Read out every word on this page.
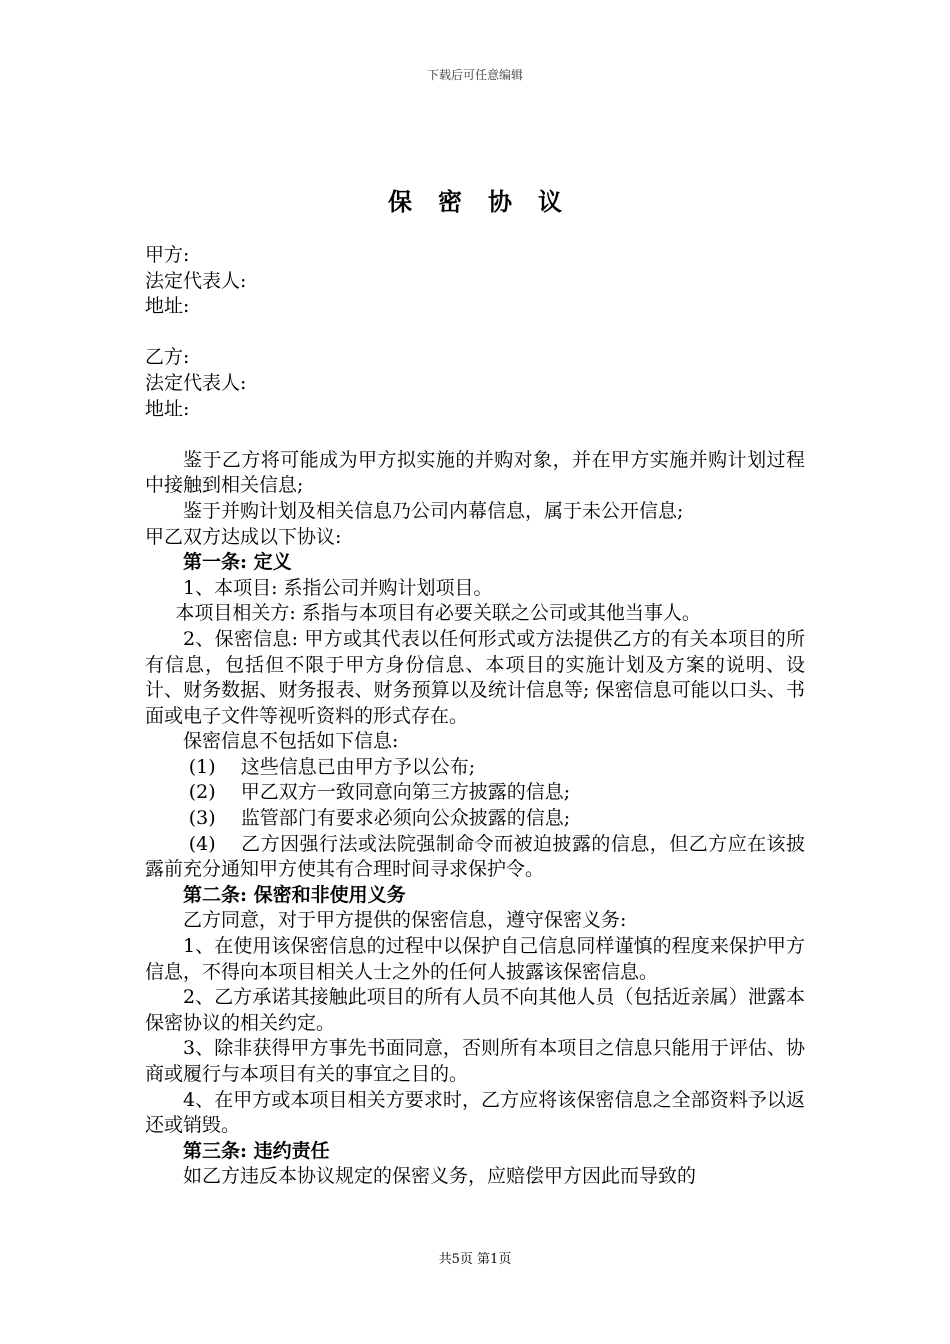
下载后可任意编辑
保密协议

甲方:

法定代表人:

地址:

乙方:

法定代表人:

地址:

鉴于乙方将可能成为甲方拟实施的并购对象，并在甲方实施并购计划过程中接触到相关信息;

鉴于并购计划及相关信息乃公司内幕信息，属于未公开信息;

甲乙双方达成以下协议:

第一条: 定义

1、本项目: 系指公司并购计划项目。

本项目相关方: 系指与本项目有必要关联之公司或其他当事人。

2、保密信息: 甲方或其代表以任何形式或方法提供乙方的有关本项目的所有信息，包括但不限于甲方身份信息、本项目的实施计划及方案的说明、设计、财务数据、财务报表、财务预算以及统计信息等; 保密信息可能以口头、书面或电子文件等视听资料的形式存在。

保密信息不包括如下信息:

(1) 这些信息已由甲方予以公布;

(2) 甲乙双方一致同意向第三方披露的信息;

(3) 监管部门有要求必须向公众披露的信息;

(4) 乙方因强行法或法院强制命令而被迫披露的信息，但乙方应在该披露前充分通知甲方使其有合理时间寻求保护令。

第二条: 保密和非使用义务

乙方同意，对于甲方提供的保密信息，遵守保密义务:

1、在使用该保密信息的过程中以保护自己信息同样谨慎的程度来保护甲方信息，不得向本项目相关人士之外的任何人披露该保密信息。

2、乙方承诺其接触此项目的所有人员不向其他人员（包括近亲属）泄露本保密协议的相关约定。

3、除非获得甲方事先书面同意，否则所有本项目之信息只能用于评估、协商或履行与本项目有关的事宜之目的。

4、在甲方或本项目相关方要求时，乙方应将该保密信息之全部资料予以返还或销毁。

第三条: 违约责任

如乙方违反本协议规定的保密义务，应赔偿甲方因此而导致的

共5页 第1页
